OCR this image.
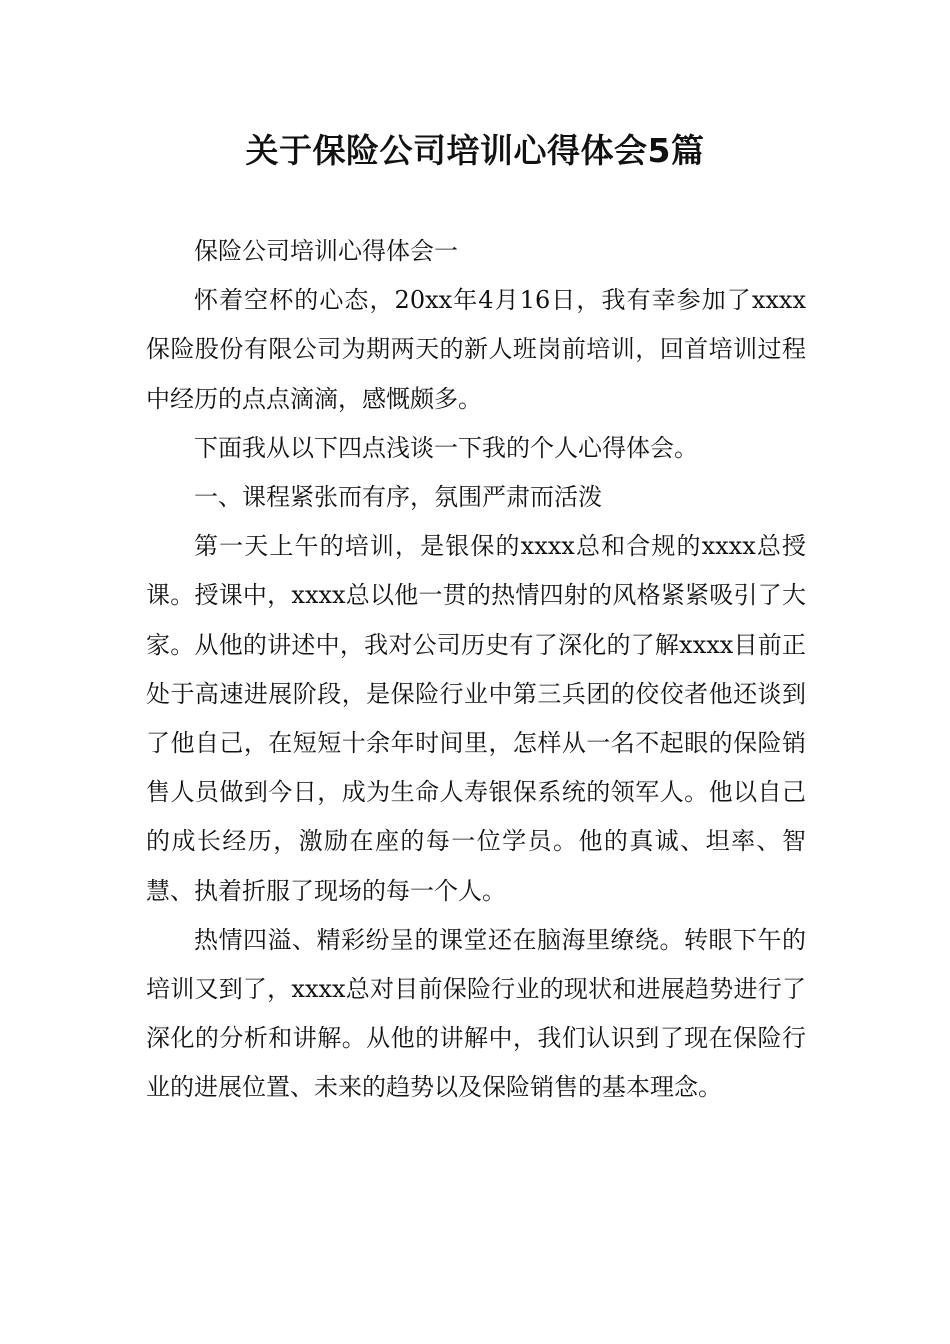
关于保险公司培训心得体会5篇

保险公司培训心得体会一

怀着空杯的心态，20xx年4月16日，我有幸参加了xxxx保险股份有限公司为期两天的新人班岗前培训，回首培训过程中经历的点点滴滴，感慨颇多。

下面我从以下四点浅谈一下我的个人心得体会。

一、课程紧张而有序，氛围严肃而活泼

第一天上午的培训，是银保的xxxx总和合规的xxxx总授课。授课中，xxxx总以他一贯的热情四射的风格紧紧吸引了大家。从他的讲述中，我对公司历史有了深化的了解xxxx目前正处于高速进展阶段，是保险行业中第三兵团的佼佼者他还谈到了他自己，在短短十余年时间里，怎样从一名不起眼的保险销售人员做到今日，成为生命人寿银保系统的领军人。他以自己的成长经历，激励在座的每一位学员。他的真诚、坦率、智慧、执着折服了现场的每一个人。

热情四溢、精彩纷呈的课堂还在脑海里缭绕。转眼下午的培训又到了，xxxx总对目前保险行业的现状和进展趋势进行了深化的分析和讲解。从他的讲解中，我们认识到了现在保险行业的进展位置、未来的趋势以及保险销售的基本理念。
